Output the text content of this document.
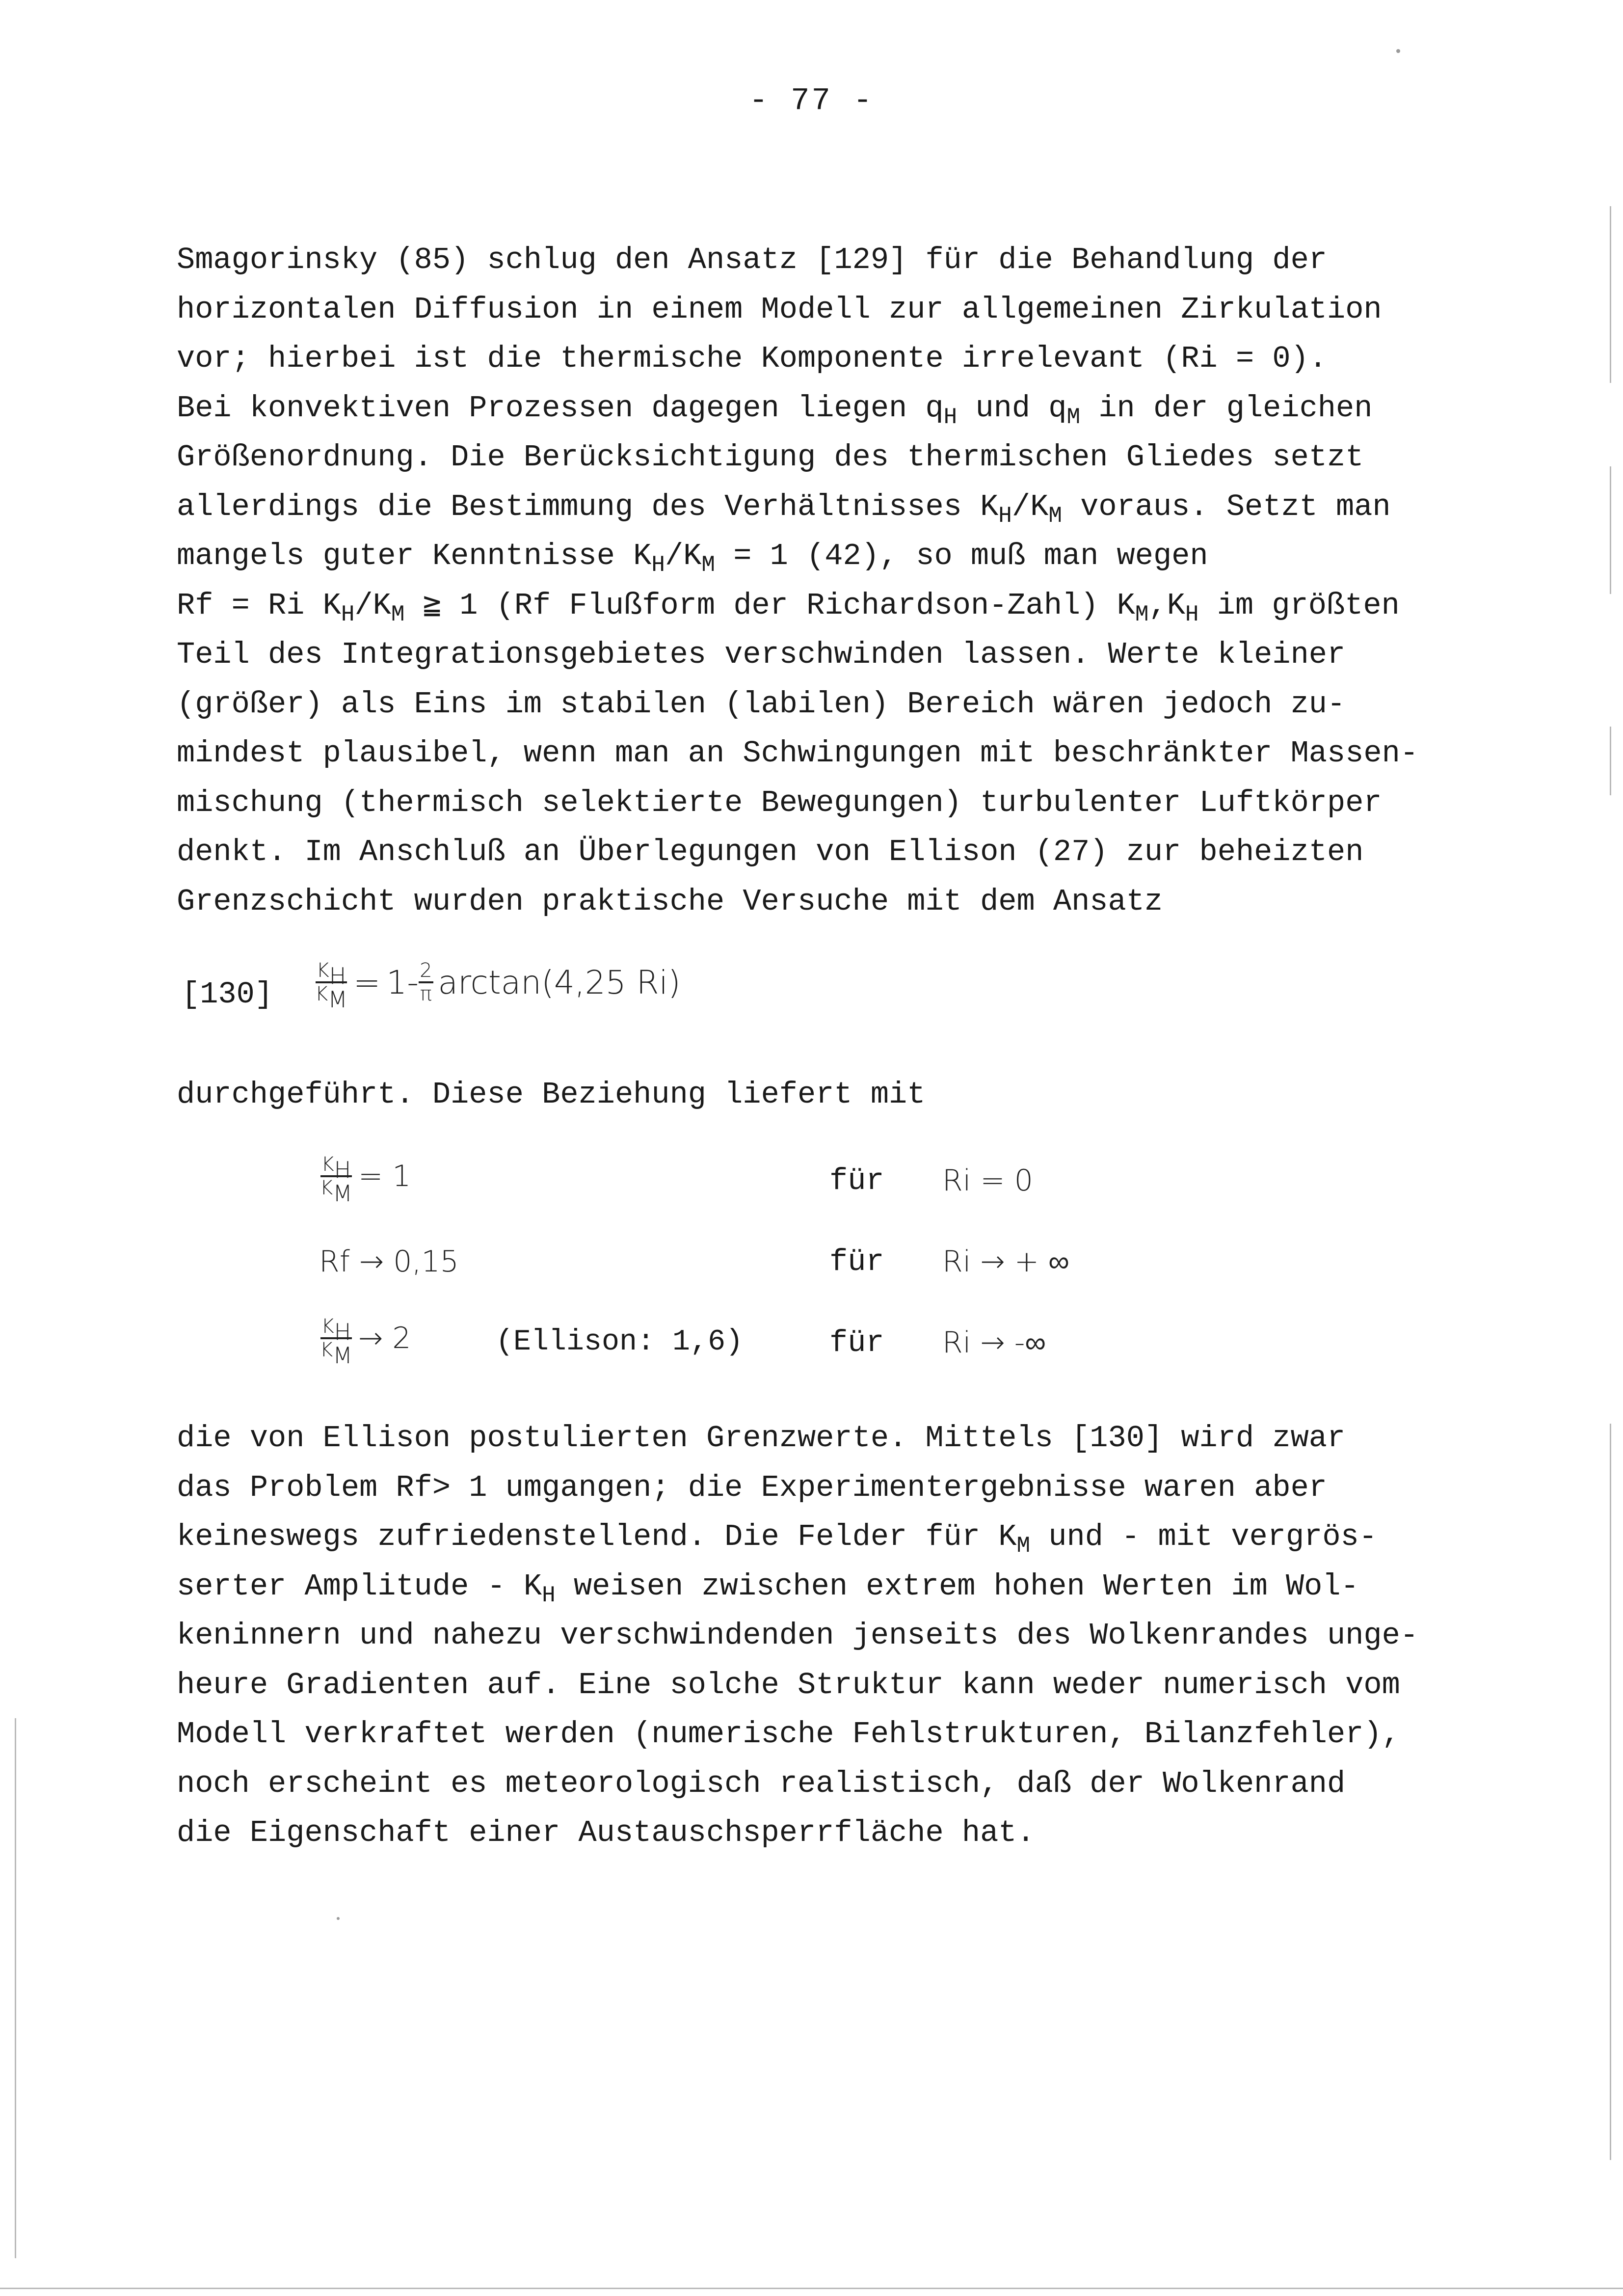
- 77 -
Smagorinsky (85) schlug den Ansatz [129] für die Behandlung der
horizontalen Diffusion in einem Modell zur allgemeinen Zirkulation
vor; hierbei ist die thermische Komponente irrelevant (Ri = 0).
Bei konvektiven Prozessen dagegen liegen $q_H$ und $q_M$ in der gleichen
Größenordnung. Die Berücksichtigung des thermischen Gliedes setzt
allerdings die Bestimmung des Verhältnisses $K_H/K_M$ voraus. Setzt man
mangels guter Kenntnisse $K_H/K_M = 1$ (42), so muß man wegen
Rf = Ri $K_H/K_M$ ≧ 1 (Rf Flußform der Richardson-Zahl) $K_M,K_H$ im größten
Teil des Integrationsgebietes verschwinden lassen. Werte kleiner
(größer) als Eins im stabilen (labilen) Bereich wären jedoch zu-
mindest plausibel, wenn man an Schwingungen mit beschränkter Massen-
mischung (thermisch selektierte Bewegungen) turbulenter Luftkörper
denkt. Im Anschluß an Überlegungen von Ellison (27) zur beheizten
Grenzschicht wurden praktische Versuche mit dem Ansatz
$[130] \frac{K_H}{K_M} = 1- \frac{2}{\pi} \arctan(4,25$ Ri)
durchgeführt. Diese Beziehung liefert mit
$\frac{K_H}{K_M} = 1$	für Ri = 0
Rf → 0,15	für Ri → + ∞
$\frac{K_H}{K_M} \to 2$	(Ellison: 1,6)	für Ri → -∞
die von Ellison postulierten Grenzwerte. Mittels [130] wird zwar
das Problem Rf> 1 umgangen; die Experimentergebnisse waren aber
keineswegs zufriedenstellend. Die Felder für $K_M$ und - mit vergrös-
serter Amplitude - $K_H$ weisen zwischen extrem hohen Werten im Wol-
keninnern und nahezu verschwindenden jenseits des Wolkenrandes unge-
heure Gradienten auf. Eine solche Struktur kann weder numerisch vom
Modell verkraftet werden (numerische Fehlstrukturen, Bilanzfehler),
noch erscheint es meteorologisch realistisch, daß der Wolkenrand
die Eigenschaft einer Austauschsperrfläche hat.
